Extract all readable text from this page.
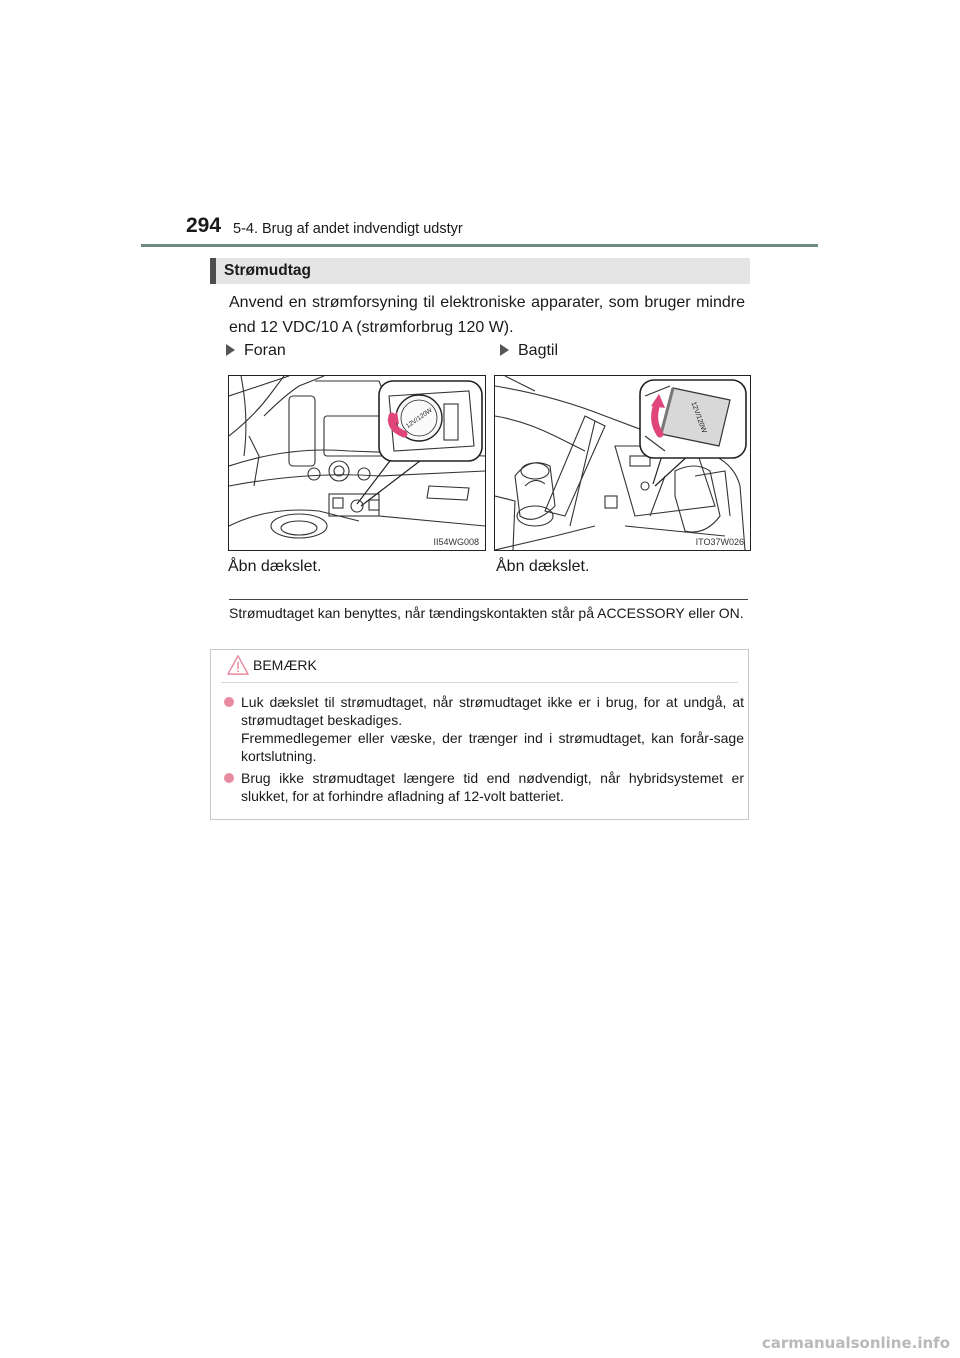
294 5-4. Brug af andet indvendigt udstyr
Strømudtag
Anvend en strømforsyning til elektroniske apparater, som bruger mindre end 12 VDC/10 A (strømforbrug 120 W).
Foran	Bagtil
12V/120W
II54WG008
12V/120W
ITO37W026
Åbn dækslet.	Åbn dækslet.
Strømudtaget kan benyttes, når tændingskontakten står på ACCESSORY eller ON.
BEMÆRK
Luk dækslet til strømudtaget, når strømudtaget ikke er i brug, for at undgå, at strømudtaget beskadiges.
Fremmedlegemer eller væske, der trænger ind i strømudtaget, kan forår-sage kortslutning.
Brug ikke strømudtaget længere tid end nødvendigt, når hybridsystemet er slukket, for at forhindre afladning af 12-volt batteriet.
carmanualsonline.info
